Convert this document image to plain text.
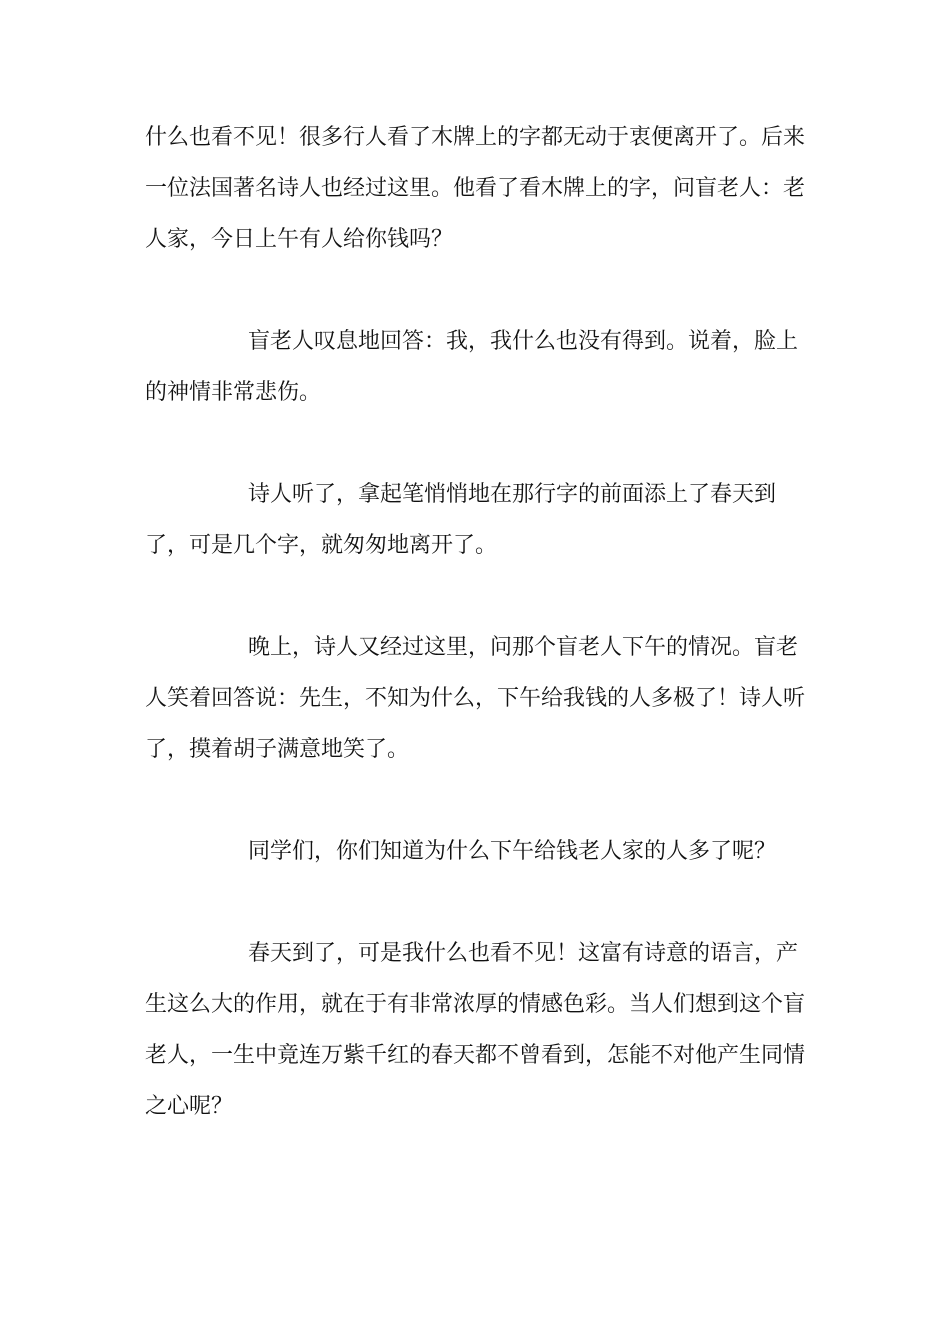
什么也看不见！很多行人看了木牌上的字都无动于衷便离开了。后来一位法国著名诗人也经过这里。他看了看木牌上的字，问盲老人：老人家，今日上午有人给你钱吗？

盲老人叹息地回答：我，我什么也没有得到。说着，脸上的神情非常悲伤。

诗人听了，拿起笔悄悄地在那行字的前面添上了春天到了，可是几个字，就匆匆地离开了。

晚上，诗人又经过这里，问那个盲老人下午的情况。盲老人笑着回答说：先生，不知为什么，下午给我钱的人多极了！诗人听了，摸着胡子满意地笑了。

同学们，你们知道为什么下午给钱老人家的人多了呢？

春天到了，可是我什么也看不见！这富有诗意的语言，产生这么大的作用，就在于有非常浓厚的情感色彩。当人们想到这个盲老人，一生中竟连万紫千红的春天都不曾看到，怎能不对他产生同情之心呢？
